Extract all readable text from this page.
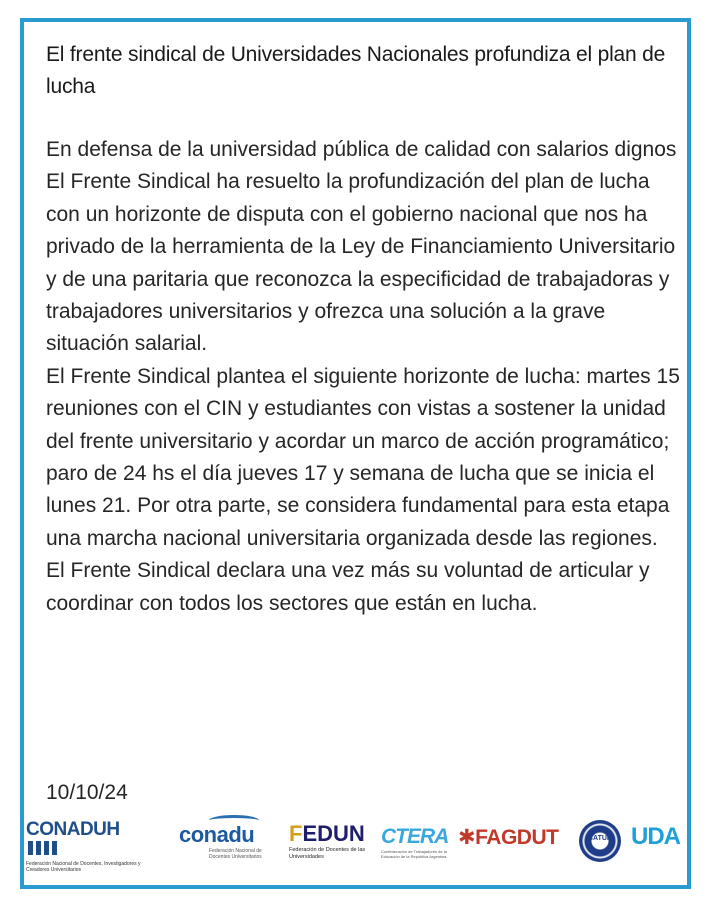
El frente sindical de Universidades Nacionales profundiza el plan de lucha

En defensa de la universidad pública de calidad con salarios dignos

El Frente Sindical ha resuelto la profundización del plan de lucha con un horizonte de disputa con el gobierno nacional que nos ha privado de la herramienta de la Ley de Financiamiento Universitario y de una paritaria que reconozca la especificidad de trabajadoras y trabajadores universitarios y ofrezca una solución a la grave situación salarial.

El Frente Sindical plantea el siguiente horizonte de lucha: martes 15 reuniones con el CIN y estudiantes con vistas a sostener la unidad del frente universitario y acordar un marco de acción programático; paro de 24 hs el día jueves 17 y semana de lucha que se inicia el lunes 21. Por otra parte, se considera fundamental para esta etapa una marcha nacional universitaria organizada desde las regiones.

El Frente Sindical declara una vez más su voluntad de articular y coordinar con todos los sectores que están en lucha.

10/10/24
CONADUH
Federación Nacional de Docentes, Investigadores y Creadores Universitarios
conadu
Federación Nacional de Docentes Universitarios
FEDUN
Federación de Docentes de las Universidades
CTERA
Confederación de Trabajadores de la Educación de la República Argentina
✱FAGDUT	CATUR UDA
